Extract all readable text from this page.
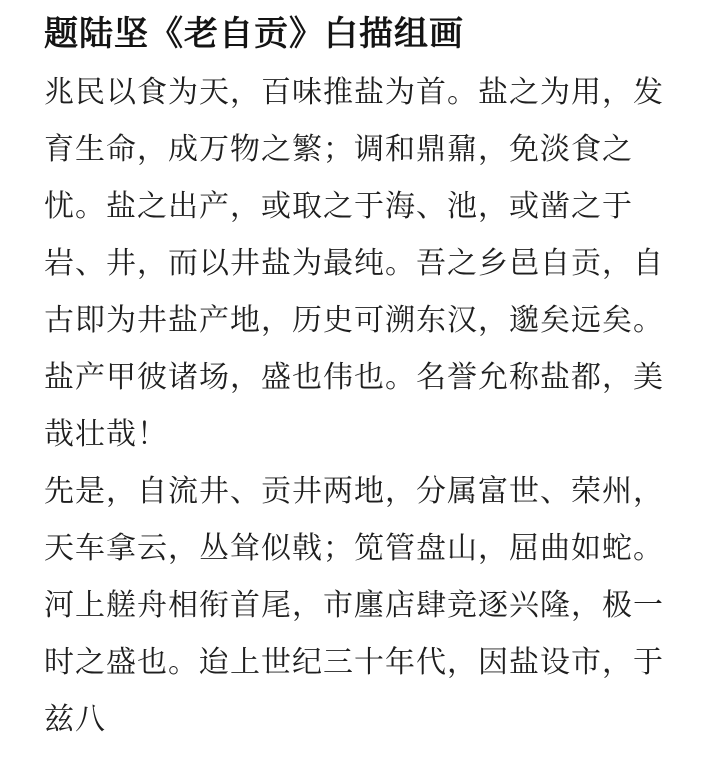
题陆坚《老自贡》白描组画
兆民以食为天，百味推盐为首。盐之为用，发
育生命，成万物之繁；调和鼎鼐，免淡食之
忧。盐之出产，或取之于海、池，或凿之于
岩、井，而以井盐为最纯。吾之乡邑自贡，自
古即为井盐产地，历史可溯东汉，邈矣远矣。
盐产甲彼诸场，盛也伟也。名誉允称盐都，美
哉壮哉！
先是，自流井、贡井两地，分属富世、荣州，
天车拿云，丛耸似戟；笕管盘山，屈曲如蛇。
河上艖舟相衔首尾，市廛店肆竞逐兴隆，极一
时之盛也。迨上世纪三十年代，因盐设市，于
兹八
